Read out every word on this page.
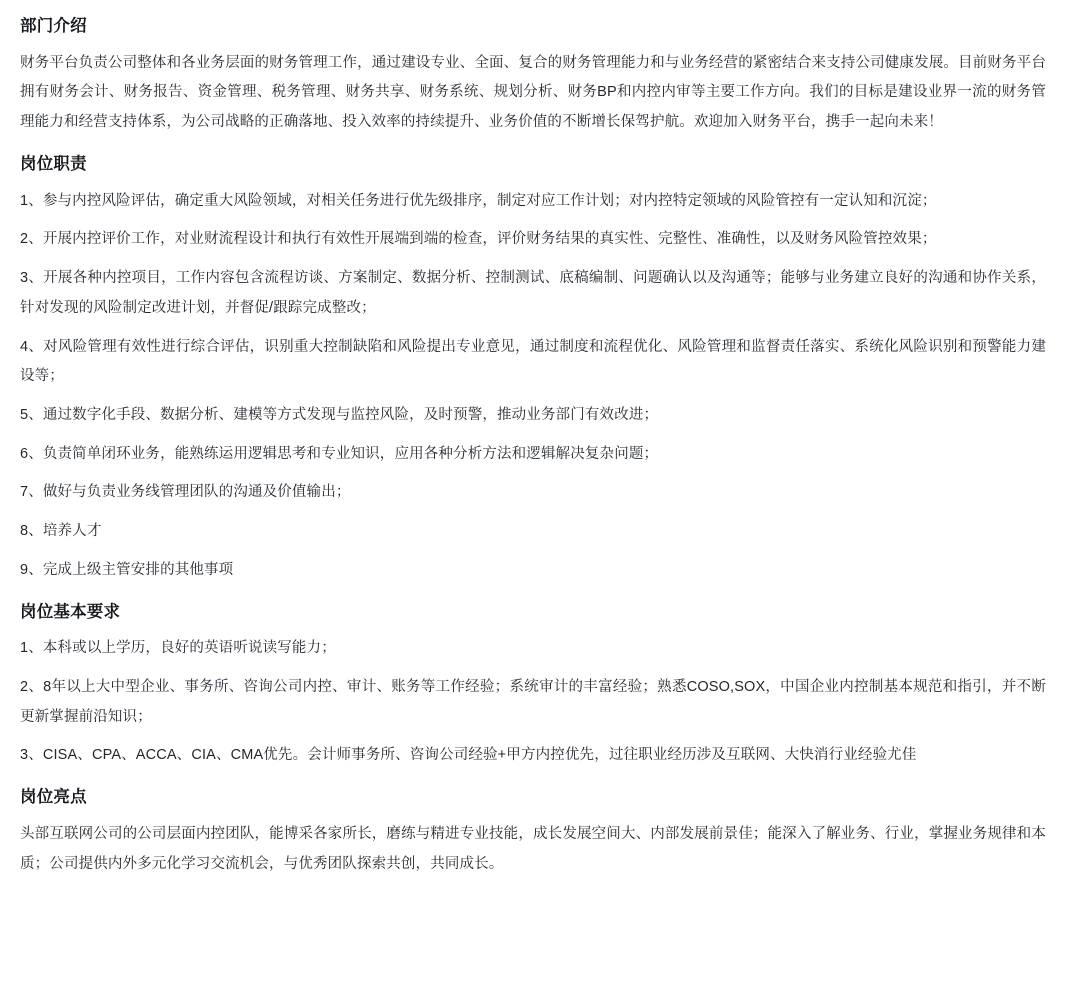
部门介绍

财务平台负责公司整体和各业务层面的财务管理工作，通过建设专业、全面、复合的财务管理能力和与业务经营的紧密结合来支持公司健康发展。目前财务平台拥有财务会计、财务报告、资金管理、税务管理、财务共享、财务系统、规划分析、财务BP和内控内审等主要工作方向。我们的目标是建设业界一流的财务管理能力和经营支持体系，为公司战略的正确落地、投入效率的持续提升、业务价值的不断增长保驾护航。欢迎加入财务平台，携手一起向未来！

岗位职责

1、参与内控风险评估，确定重大风险领域，对相关任务进行优先级排序，制定对应工作计划；对内控特定领域的风险管控有一定认知和沉淀；

2、开展内控评价工作，对业财流程设计和执行有效性开展端到端的检查，评价财务结果的真实性、完整性、准确性，以及财务风险管控效果；

3、开展各种内控项目，工作内容包含流程访谈、方案制定、数据分析、控制测试、底稿编制、问题确认以及沟通等；能够与业务建立良好的沟通和协作关系，针对发现的风险制定改进计划，并督促/跟踪完成整改；

4、对风险管理有效性进行综合评估，识别重大控制缺陷和风险提出专业意见，通过制度和流程优化、风险管理和监督责任落实、系统化风险识别和预警能力建设等；

5、通过数字化手段、数据分析、建模等方式发现与监控风险，及时预警，推动业务部门有效改进；

6、负责简单闭环业务，能熟练运用逻辑思考和专业知识，应用各种分析方法和逻辑解决复杂问题；

7、做好与负责业务线管理团队的沟通及价值输出；

8、培养人才

9、完成上级主管安排的其他事项

岗位基本要求

1、本科或以上学历，良好的英语听说读写能力；

2、8年以上大中型企业、事务所、咨询公司内控、审计、账务等工作经验；系统审计的丰富经验；熟悉COSO,SOX，中国企业内控制基本规范和指引，并不断更新掌握前沿知识；

3、CISA、CPA、ACCA、CIA、CMA优先。会计师事务所、咨询公司经验+甲方内控优先，过往职业经历涉及互联网、大快消行业经验尤佳

岗位亮点

头部互联网公司的公司层面内控团队，能博采各家所长，磨练与精进专业技能，成长发展空间大、内部发展前景佳；能深入了解业务、行业，掌握业务规律和本质；公司提供内外多元化学习交流机会，与优秀团队探索共创，共同成长。
